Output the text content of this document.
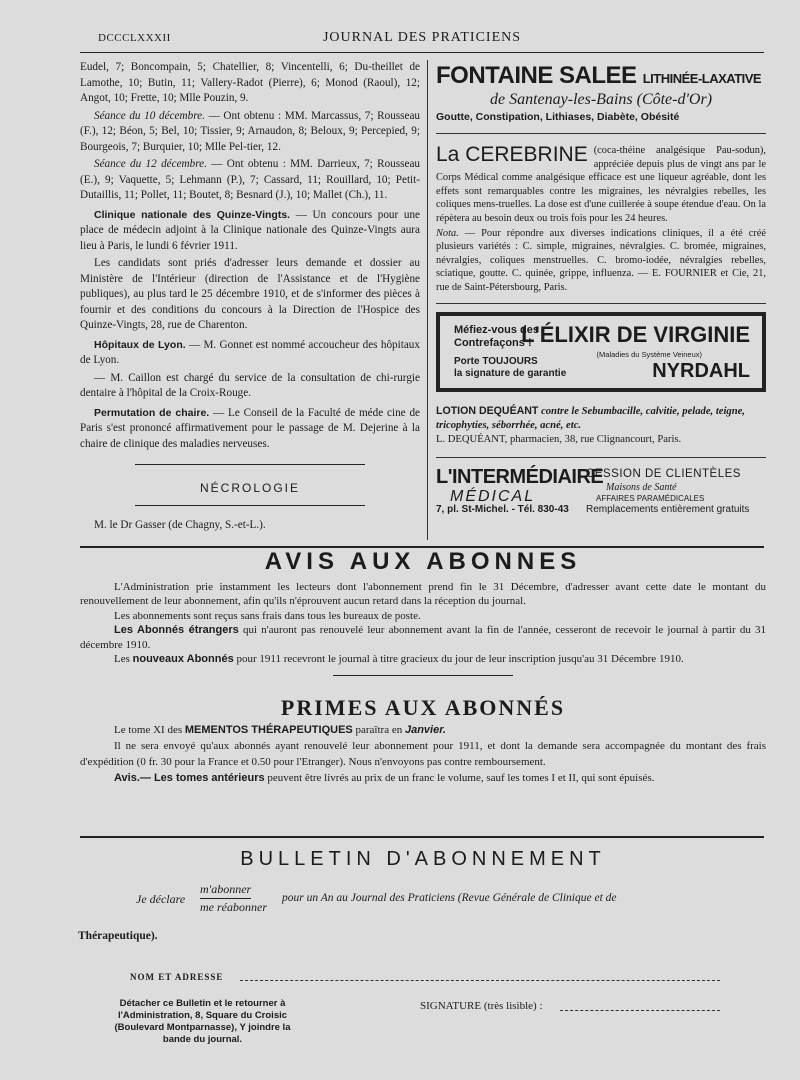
DCCCLXXXII	JOURNAL DES PRATICIENS

Eudel, 7; Boncompain, 5; Chatellier, 8; Vincentelli, 6; Du-theillet de Lamothe, 10; Butin, 11; Vallery-Radot (Pierre), 6; Monod (Raoul), 12; Angot, 10; Frette, 10; Mlle Pouzin, 9.

Séance du 10 décembre. — Ont obtenu : MM. Marcassus, 7; Rousseau (F.), 12; Béon, 5; Bel, 10; Tissier, 9; Arnaudon, 8; Beloux, 9; Percepied, 9; Bourgeois, 7; Burquier, 10; Mlle Pel-tier, 12.

Séance du 12 décembre. — Ont obtenu : MM. Darrieux, 7; Rousseau (E.), 9; Vaquette, 5; Lehmann (P.), 7; Cassard, 11; Rouillard, 10; Petit-Dutaillis, 11; Pollet, 11; Boutet, 8; Besnard (J.), 10; Mallet (Ch.), 11.

Clinique nationale des Quinze-Vingts. — Un concours pour une place de médecin adjoint à la Clinique nationale des Quinze-Vingts aura lieu à Paris, le lundi 6 février 1911.

Les candidats sont priés d'adresser leurs demande et dossier au Ministère de l'Intérieur (direction de l'Assistance et de l'Hygiène publiques), au plus tard le 25 décembre 1910, et de s'informer des pièces à fournir et des conditions du concours à la Direction de l'Hospice des Quinze-Vingts, 28, rue de Charenton.

Hôpitaux de Lyon. — M. Gonnet est nommé accoucheur des hôpitaux de Lyon.

— M. Caillon est chargé du service de la consultation de chi-rurgie dentaire à l'hôpital de la Croix-Rouge.

Permutation de chaire. — Le Conseil de la Faculté de méde cine de Paris s'est prononcé affirmativement pour le passage de M. Dejerine à la chaire de clinique des maladies nerveuses.

NÉCROLOGIE

M. le Dr Gasser (de Chagny, S.-et-L.).

FONTAINE SALEE LITHINÉE-LAXATIVE
de Santenay-les-Bains (Côte-d'Or)
Goutte, Constipation, Lithiases, Diabète, Obésité
La CEREBRINE (coca-théine analgésique Pau-sodun), appréciée depuis plus de vingt ans par le Corps Médical comme analgésique efficace est une liqueur agréable, dont les effets sont remarquables contre les migraines, les névralgies rebelles, les coliques mens-truelles. La dose est d'une cuillerée à soupe étendue d'eau. On la répètera au besoin deux ou trois fois pour les 24 heures.
Nota. — Pour répondre aux diverses indications cliniques, il a été créé plusieurs variétés : C. simple, migraines, névralgies. C. bromée, migraines, névralgies, coliques menstruelles. C. bromo-iodée, névralgies rebelles, sciatique, goutte. C. quinée, grippe, influenza. — E. FOURNIER et Cie, 21, rue de Saint-Pétersbourg, Paris.
Méfiez-vous des
Contrefaçons !
Porte TOUJOURS
la signature de garantie
L'ÉLIXIR DE VIRGINIE
(Maladies du Système Veineux)
NYRDAHL
LOTION DEQUÉANT contre le Sebumbacille, calvitie, pelade, teigne, tricophyties, séborrhée, acné, etc.
L. DEQUÉANT, pharmacien, 38, rue Clignancourt, Paris.
L'INTERMÉDIAIRE
MÉDICAL
7, pl. St-Michel. - Tél. 830-43
CESSION DE CLIENTÈLES
Maisons de Santé
AFFAIRES PARAMÉDICALES
Remplacements entièrement gratuits
AVIS AUX ABONNES

L'Administration prie instamment les lecteurs dont l'abonnement prend fin le 31 Décembre, d'adresser avant cette date le montant du renouvellement de leur abonnement, afin qu'ils n'éprouvent aucun retard dans la réception du journal.

Les abonnements sont reçus sans frais dans tous les bureaux de poste.

Les Abonnés étrangers qui n'auront pas renouvelé leur abonnement avant la fin de l'année, cesseront de recevoir le journal à partir du 31 décembre 1910.

Les nouveaux Abonnés pour 1911 recevront le journal à titre gracieux du jour de leur inscription jusqu'au 31 Décembre 1910.

PRIMES AUX ABONNÉS

Le tome XI des MEMENTOS THÉRAPEUTIQUES paraîtra en Janvier.

Il ne sera envoyé qu'aux abonnés ayant renouvelé leur abonnement pour 1911, et dont la demande sera accompagnée du montant des frais d'expédition (0 fr. 30 pour la France et 0.50 pour l'Etranger). Nous n'envoyons pas contre remboursement.

Avis.— Les tomes antérieurs peuvent être livrés au prix de un franc le volume, sauf les tomes I et II, qui sont épuisés.

BULLETIN D'ABONNEMENT
Je déclare
m'abonner
me réabonner
pour un An au Journal des Praticiens (Revue Générale de Clinique et de
Thérapeutique).
NOM ET ADRESSE
Détacher ce Bulletin et le retourner à l'Administration, 8, Square du Croisic (Boulevard Montparnasse), Y joindre la bande du journal.
SIGNATURE (très lisible) :
